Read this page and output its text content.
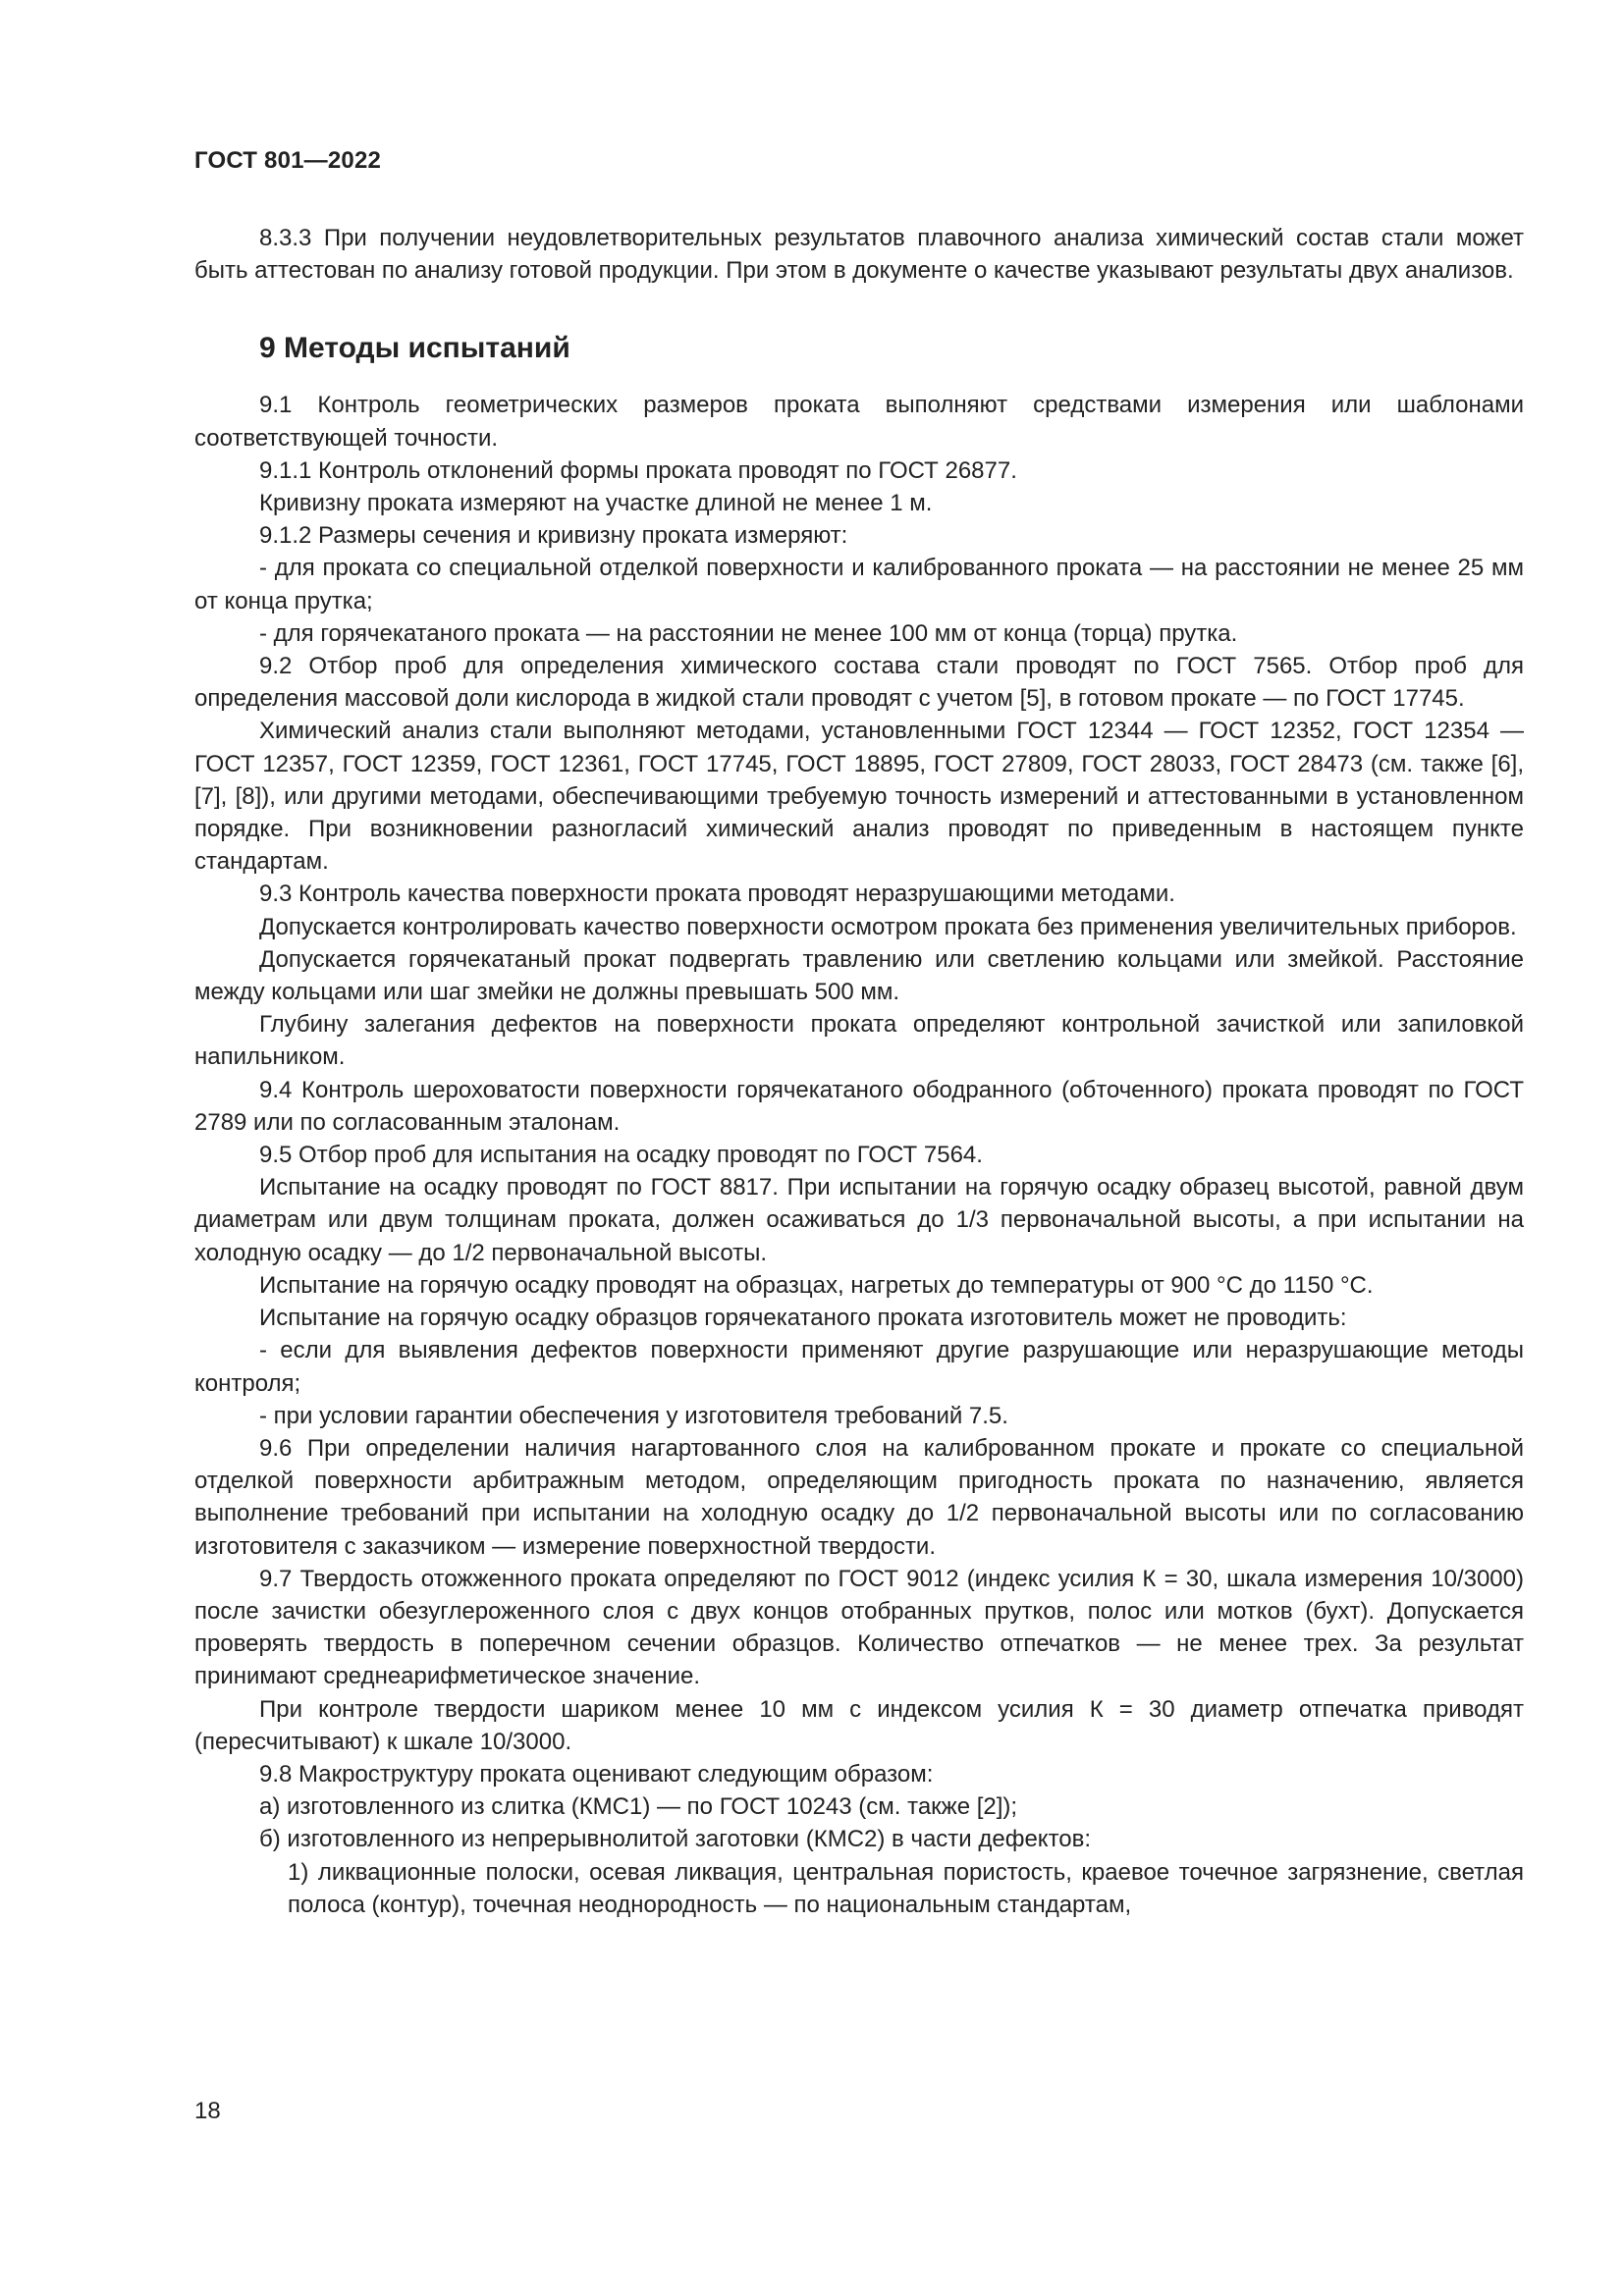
ГОСТ 801—2022

8.3.3 При получении неудовлетворительных результатов плавочного анализа химический состав стали может быть аттестован по анализу готовой продукции. При этом в документе о качестве указывают результаты двух анализов.

9 Методы испытаний

9.1 Контроль геометрических размеров проката выполняют средствами измерения или шаблонами соответствующей точности.

9.1.1 Контроль отклонений формы проката проводят по ГОСТ 26877.

Кривизну проката измеряют на участке длиной не менее 1 м.

9.1.2 Размеры сечения и кривизну проката измеряют:

- для проката со специальной отделкой поверхности и калиброванного проката — на расстоянии не менее 25 мм от конца прутка;

- для горячекатаного проката — на расстоянии не менее 100 мм от конца (торца) прутка.

9.2 Отбор проб для определения химического состава стали проводят по ГОСТ 7565. Отбор проб для определения массовой доли кислорода в жидкой стали проводят с учетом [5], в готовом прокате — по ГОСТ 17745.

Химический анализ стали выполняют методами, установленными ГОСТ 12344 — ГОСТ 12352, ГОСТ 12354 — ГОСТ 12357, ГОСТ 12359, ГОСТ 12361, ГОСТ 17745, ГОСТ 18895, ГОСТ 27809, ГОСТ 28033, ГОСТ 28473 (см. также [6], [7], [8]), или другими методами, обеспечивающими требуемую точность измерений и аттестованными в установленном порядке. При возникновении разногласий химический анализ проводят по приведенным в настоящем пункте стандартам.

9.3 Контроль качества поверхности проката проводят неразрушающими методами.

Допускается контролировать качество поверхности осмотром проката без применения увеличительных приборов.

Допускается горячекатаный прокат подвергать травлению или светлению кольцами или змейкой. Расстояние между кольцами или шаг змейки не должны превышать 500 мм.

Глубину залегания дефектов на поверхности проката определяют контрольной зачисткой или запиловкой напильником.

9.4 Контроль шероховатости поверхности горячекатаного ободранного (обточенного) проката проводят по ГОСТ 2789 или по согласованным эталонам.

9.5 Отбор проб для испытания на осадку проводят по ГОСТ 7564.

Испытание на осадку проводят по ГОСТ 8817. При испытании на горячую осадку образец высотой, равной двум диаметрам или двум толщинам проката, должен осаживаться до 1/3 первоначальной высоты, а при испытании на холодную осадку — до 1/2 первоначальной высоты.

Испытание на горячую осадку проводят на образцах, нагретых до температуры от 900 °С до 1150 °С.

Испытание на горячую осадку образцов горячекатаного проката изготовитель может не проводить:

- если для выявления дефектов поверхности применяют другие разрушающие или неразрушающие методы контроля;

- при условии гарантии обеспечения у изготовителя требований 7.5.

9.6 При определении наличия нагартованного слоя на калиброванном прокате и прокате со специальной отделкой поверхности арбитражным методом, определяющим пригодность проката по назначению, является выполнение требований при испытании на холодную осадку до 1/2 первоначальной высоты или по согласованию изготовителя с заказчиком — измерение поверхностной твердости.

9.7 Твердость отожженного проката определяют по ГОСТ 9012 (индекс усилия К = 30, шкала измерения 10/3000) после зачистки обезуглероженного слоя с двух концов отобранных прутков, полос или мотков (бухт). Допускается проверять твердость в поперечном сечении образцов. Количество отпечатков — не менее трех. За результат принимают среднеарифметическое значение.

При контроле твердости шариком менее 10 мм с индексом усилия К = 30 диаметр отпечатка приводят (пересчитывают) к шкале 10/3000.

9.8 Макроструктуру проката оценивают следующим образом:

а) изготовленного из слитка (КМС1) — по ГОСТ 10243 (см. также [2]);

б) изготовленного из непрерывнолитой заготовки (КМС2) в части дефектов:

1) ликвационные полоски, осевая ликвация, центральная пористость, краевое точечное загрязнение, светлая полоса (контур), точечная неоднородность — по национальным стандартам,

18
